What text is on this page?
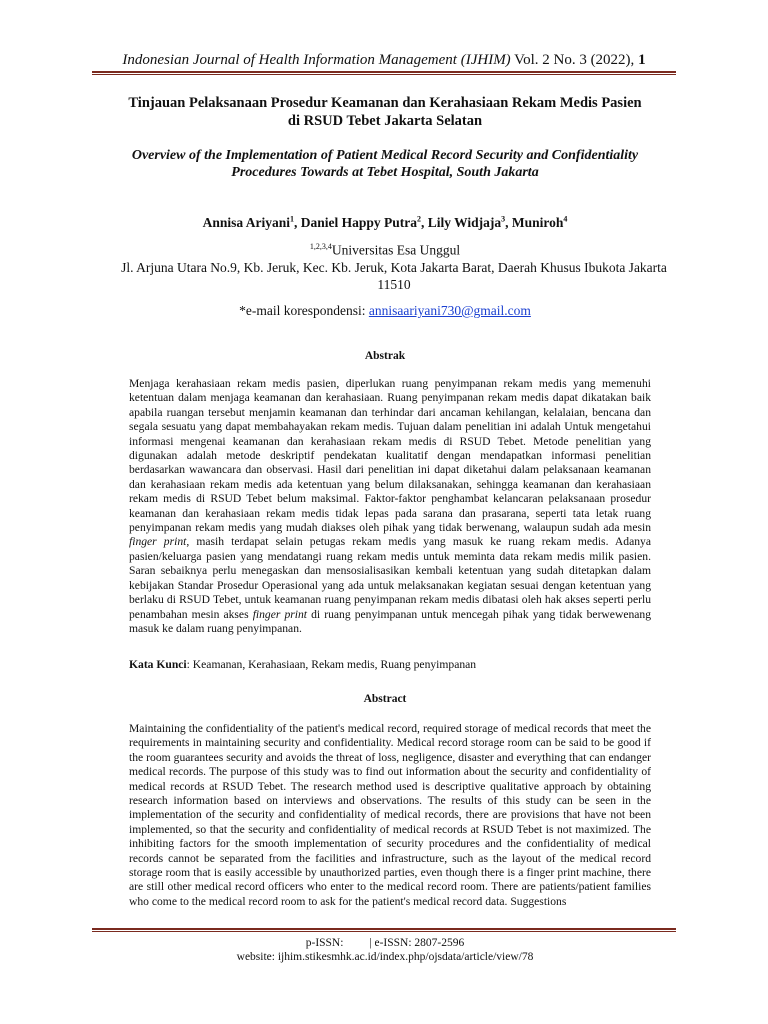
Indonesian Journal of Health Information Management (IJHIM) Vol. 2 No. 3 (2022), 1
Tinjauan Pelaksanaan Prosedur Keamanan dan Kerahasiaan Rekam Medis Pasien
di RSUD Tebet Jakarta Selatan
Overview of the Implementation of Patient Medical Record Security and Confidentiality
Procedures Towards at Tebet Hospital, South Jakarta
Annisa Ariyani$^1$, Daniel Happy Putra$^2$, Lily Widjaja$^3$, Muniroh$^4$
$^{1,2,3,4}$Universitas Esa Unggul
Jl. Arjuna Utara No.9, Kb. Jeruk, Kec. Kb. Jeruk, Kota Jakarta Barat, Daerah Khusus Ibukota Jakarta
11510
*e-mail korespondensi: annisaariyani730@gmail.com
Abstrak
Menjaga kerahasiaan rekam medis pasien, diperlukan ruang penyimpanan rekam medis yang memenuhi ketentuan dalam menjaga keamanan dan kerahasiaan. Ruang penyimpanan rekam medis dapat dikatakan baik apabila ruangan tersebut menjamin keamanan dan terhindar dari ancaman kehilangan, kelalaian, bencana dan segala sesuatu yang dapat membahayakan rekam medis. Tujuan dalam penelitian ini adalah Untuk mengetahui informasi mengenai keamanan dan kerahasiaan rekam medis di RSUD Tebet. Metode penelitian yang digunakan adalah metode deskriptif pendekatan kualitatif dengan mendapatkan informasi penelitian berdasarkan wawancara dan observasi. Hasil dari penelitian ini dapat diketahui dalam pelaksanaan keamanan dan kerahasiaan rekam medis ada ketentuan yang belum dilaksanakan, sehingga keamanan dan kerahasiaan rekam medis di RSUD Tebet belum maksimal. Faktor-faktor penghambat kelancaran pelaksanaan prosedur keamanan dan kerahasiaan rekam medis tidak lepas pada sarana dan prasarana, seperti tata letak ruang penyimpanan rekam medis yang mudah diakses oleh pihak yang tidak berwenang, walaupun sudah ada mesin finger print, masih terdapat selain petugas rekam medis yang masuk ke ruang rekam medis. Adanya pasien/keluarga pasien yang mendatangi ruang rekam medis untuk meminta data rekam medis milik pasien. Saran sebaiknya perlu menegaskan dan mensosialisasikan kembali ketentuan yang sudah ditetapkan dalam kebijakan Standar Prosedur Operasional yang ada untuk melaksanakan kegiatan sesuai dengan ketentuan yang berlaku di RSUD Tebet, untuk keamanan ruang penyimpanan rekam medis dibatasi oleh hak akses seperti perlu penambahan mesin akses finger print di ruang penyimpanan untuk mencegah pihak yang tidak berwewenang masuk ke dalam ruang penyimpanan.
Kata Kunci: Keamanan, Kerahasiaan, Rekam medis, Ruang penyimpanan
Abstract
Maintaining the confidentiality of the patient's medical record, required storage of medical records that meet the requirements in maintaining security and confidentiality. Medical record storage room can be said to be good if the room guarantees security and avoids the threat of loss, negligence, disaster and everything that can endanger medical records. The purpose of this study was to find out information about the security and confidentiality of medical records at RSUD Tebet. The research method used is descriptive qualitative approach by obtaining research information based on interviews and observations. The results of this study can be seen in the implementation of the security and confidentiality of medical records, there are provisions that have not been implemented, so that the security and confidentiality of medical records at RSUD Tebet is not maximized. The inhibiting factors for the smooth implementation of security procedures and the confidentiality of medical records cannot be separated from the facilities and infrastructure, such as the layout of the medical record storage room that is easily accessible by unauthorized parties, even though there is a finger print machine, there are still other medical record officers who enter to the medical record room. There are patients/patient families who come to the medical record room to ask for the patient's medical record data. Suggestions
p-ISSN:         | e-ISSN: 2807-2596
website: ijhim.stikesmhk.ac.id/index.php/ojsdata/article/view/78
